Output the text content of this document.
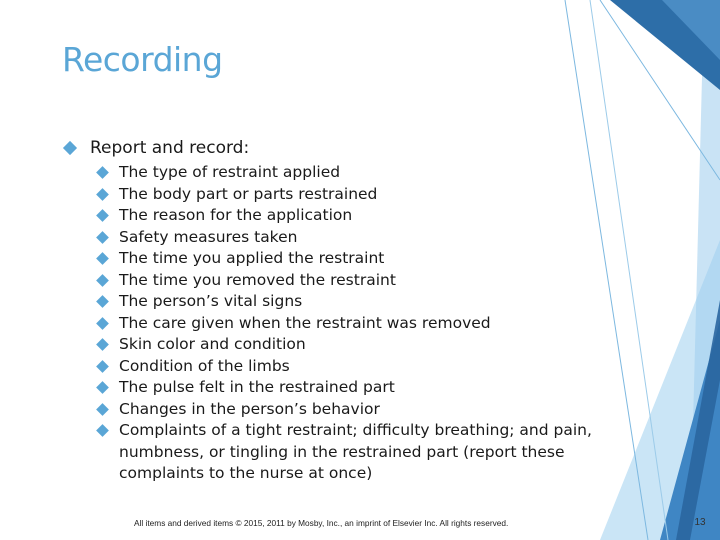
Recording
Report and record:
The type of restraint applied
The body part or parts restrained
The reason for the application
Safety measures taken
The time you applied the restraint
The time you removed the restraint
The person’s vital signs
The care given when the restraint was removed
Skin color and condition
Condition of the limbs
The pulse felt in the restrained part
Changes in the person’s behavior
Complaints of a tight restraint; difficulty breathing; and pain, numbness, or tingling in the restrained part (report these complaints to the nurse at once)
All items and derived items © 2015, 2011 by Mosby, Inc., an imprint of Elsevier Inc. All rights reserved.	13
